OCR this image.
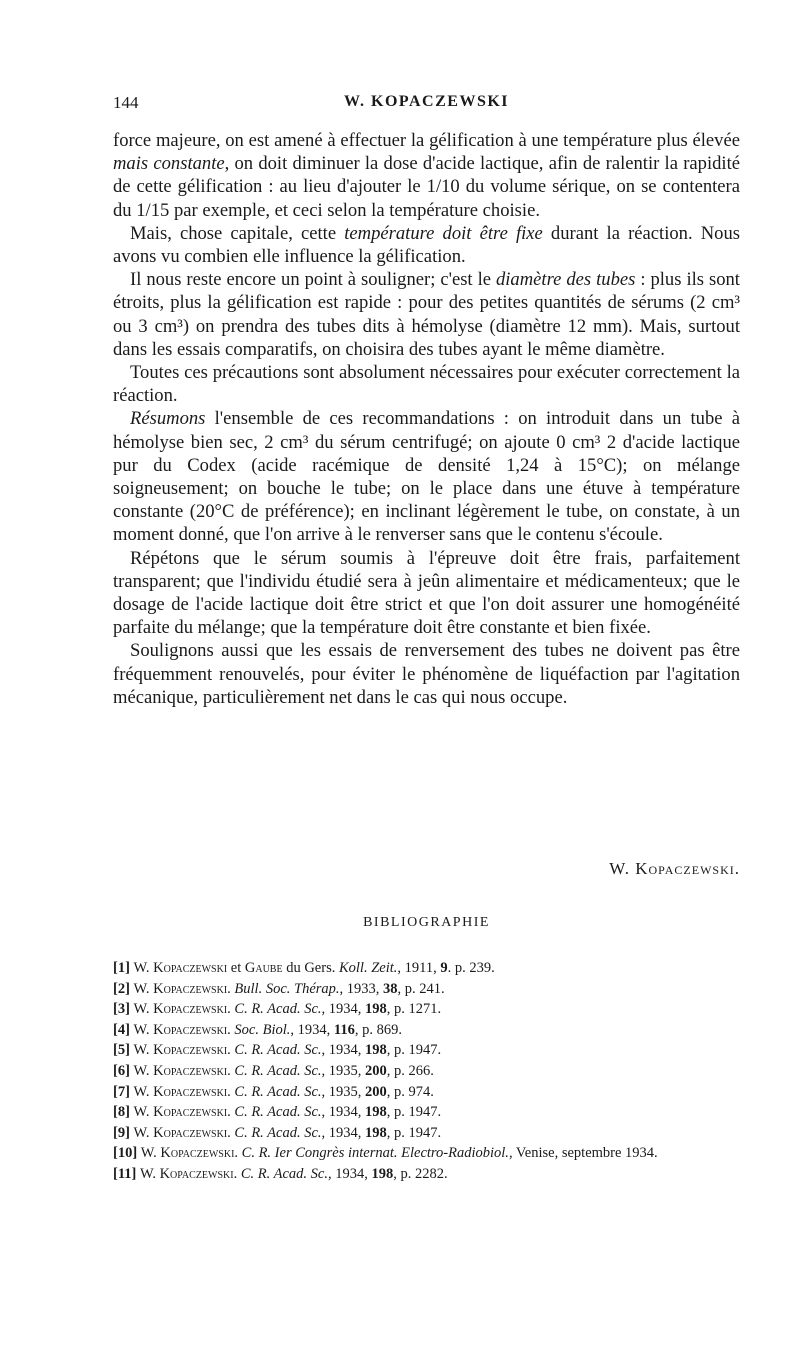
144	W. KOPACZEWSKI

force majeure, on est amené à effectuer la gélification à une température plus élevée mais constante, on doit diminuer la dose d'acide lactique, afin de ralentir la rapidité de cette gélification : au lieu d'ajouter le 1/10 du volume sérique, on se contentera du 1/15 par exemple, et ceci selon la température choisie.

Mais, chose capitale, cette température doit être fixe durant la réaction. Nous avons vu combien elle influence la gélification.

Il nous reste encore un point à souligner; c'est le diamètre des tubes : plus ils sont étroits, plus la gélification est rapide : pour des petites quantités de sérums (2 cm³ ou 3 cm³) on prendra des tubes dits à hémolyse (diamètre 12 mm). Mais, surtout dans les essais comparatifs, on choisira des tubes ayant le même diamètre.

Toutes ces précautions sont absolument nécessaires pour exécuter correctement la réaction.

Résumons l'ensemble de ces recommandations : on introduit dans un tube à hémolyse bien sec, 2 cm³ du sérum centrifugé; on ajoute 0 cm³ 2 d'acide lactique pur du Codex (acide racémique de densité 1,24 à 15°C); on mélange soigneusement; on bouche le tube; on le place dans une étuve à température constante (20°C de préférence); en inclinant légèrement le tube, on constate, à un moment donné, que l'on arrive à le renverser sans que le contenu s'écoule.

Répétons que le sérum soumis à l'épreuve doit être frais, parfaitement transparent; que l'individu étudié sera à jeûn alimentaire et médicamenteux; que le dosage de l'acide lactique doit être strict et que l'on doit assurer une homogénéité parfaite du mélange; que la température doit être constante et bien fixée.

Soulignons aussi que les essais de renversement des tubes ne doivent pas être fréquemment renouvelés, pour éviter le phénomène de liquéfaction par l'agitation mécanique, particulièrement net dans le cas qui nous occupe.

W. Kopaczewski.
BIBLIOGRAPHIE
[1] W. Kopaczewski et Gaube du Gers. Koll. Zeit., 1911, 9. p. 239.
[2] W. Kopaczewski. Bull. Soc. Thérap., 1933, 38, p. 241.
[3] W. Kopaczewski. C. R. Acad. Sc., 1934, 198, p. 1271.
[4] W. Kopaczewski. Soc. Biol., 1934, 116, p. 869.
[5] W. Kopaczewski. C. R. Acad. Sc., 1934, 198, p. 1947.
[6] W. Kopaczewski. C. R. Acad. Sc., 1935, 200, p. 266.
[7] W. Kopaczewski. C. R. Acad. Sc., 1935, 200, p. 974.
[8] W. Kopaczewski. C. R. Acad. Sc., 1934, 198, p. 1947.
[9] W. Kopaczewski. C. R. Acad. Sc., 1934, 198, p. 1947.
[10] W. Kopaczewski. C. R. Ier Congrès internat. Electro-Radiobiol., Venise, septembre 1934.
[11] W. Kopaczewski. C. R. Acad. Sc., 1934, 198, p. 2282.
